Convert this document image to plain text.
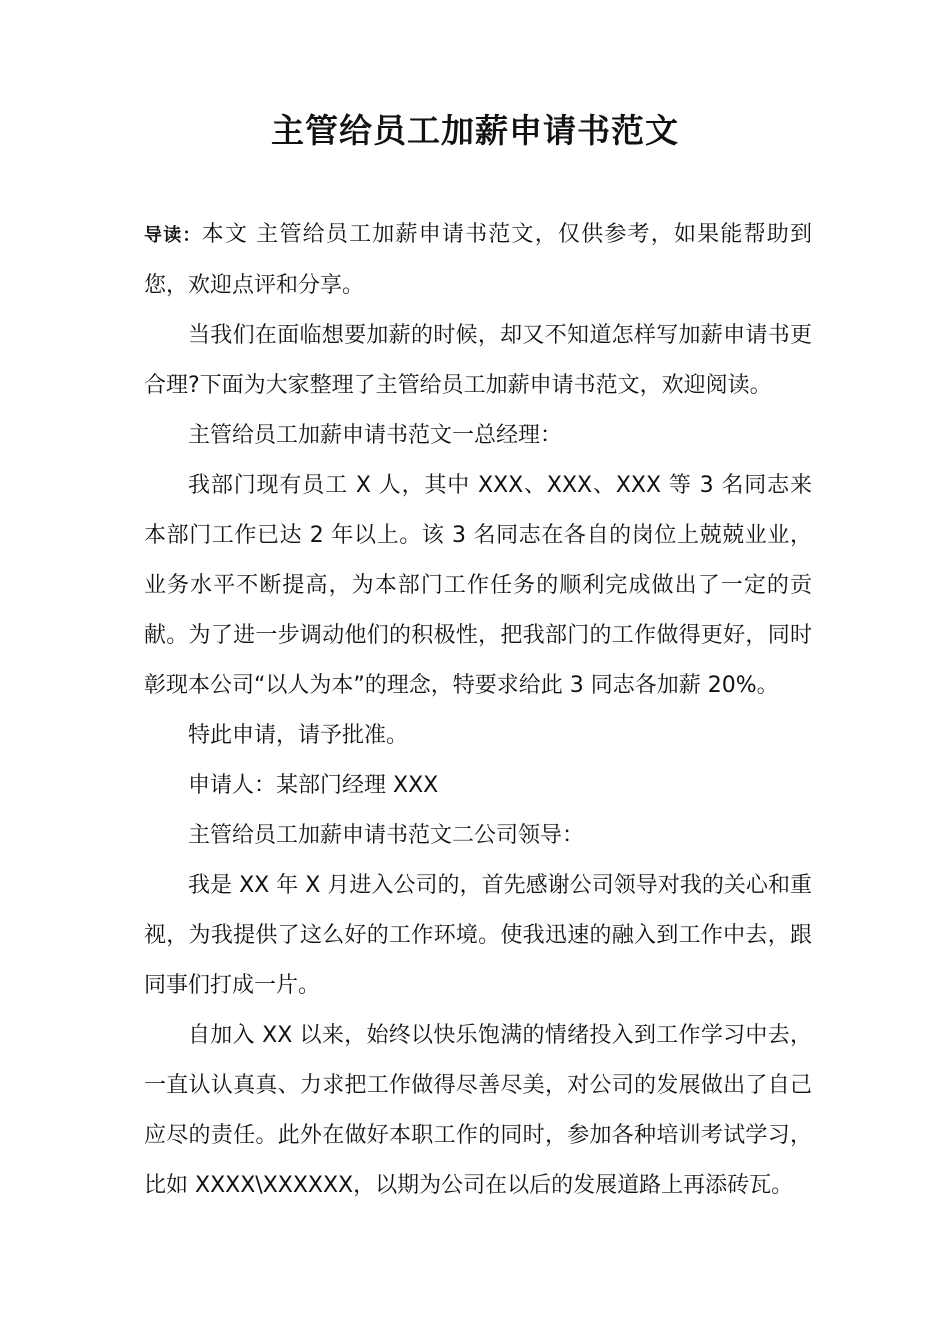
主管给员工加薪申请书范文

导读：本文 主管给员工加薪申请书范文，仅供参考，如果能帮助到您，欢迎点评和分享。

当我们在面临想要加薪的时候，却又不知道怎样写加薪申请书更合理?下面为大家整理了主管给员工加薪申请书范文，欢迎阅读。

主管给员工加薪申请书范文一总经理：

我部门现有员工 X 人，其中 XXX、XXX、XXX 等 3 名同志来本部门工作已达 2 年以上。该 3 名同志在各自的岗位上兢兢业业，业务水平不断提高，为本部门工作任务的顺利完成做出了一定的贡献。为了进一步调动他们的积极性，把我部门的工作做得更好，同时彰现本公司“以人为本”的理念，特要求给此 3 同志各加薪 20%。

特此申请，请予批准。

申请人：某部门经理 XXX

主管给员工加薪申请书范文二公司领导：

我是 XX 年 X 月进入公司的，首先感谢公司领导对我的关心和重视，为我提供了这么好的工作环境。使我迅速的融入到工作中去，跟同事们打成一片。

自加入 XX 以来，始终以快乐饱满的情绪投入到工作学习中去，一直认认真真、力求把工作做得尽善尽美，对公司的发展做出了自己应尽的责任。此外在做好本职工作的同时，参加各种培训考试学习，比如 XXXX\XXXXXX，以期为公司在以后的发展道路上再添砖瓦。
